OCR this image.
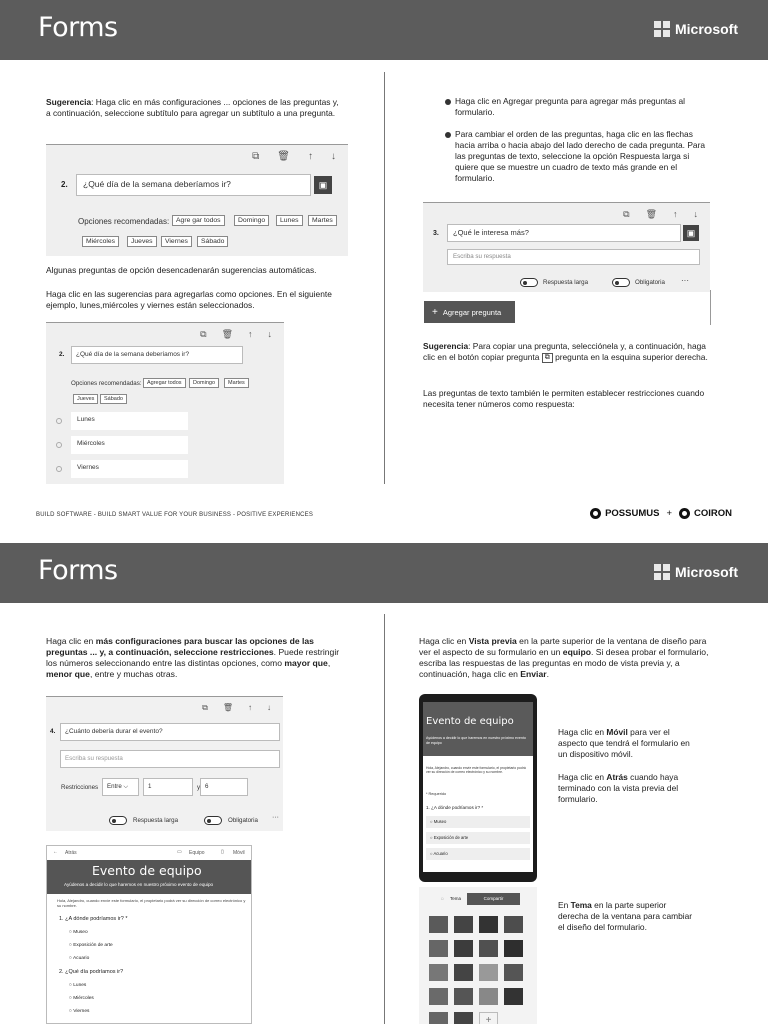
Forms	Microsoft
Sugerencia: Haga clic en más configuraciones ... opciones de las preguntas y, a continuación, seleccione subtítulo para agregar un subtítulo a una pregunta.
⧉ 🗑 ↑ ↓
2.	¿Qué día de la semana deberíamos ir?	▣
Opciones recomendadas:	Agre gar todos	Domingo	Lunes	Martes
Miércoles	Jueves	Viernes	Sábado
Algunas preguntas de opción desencadenarán sugerencias automáticas.
Haga clic en las sugerencias para agregarlas como opciones. En el siguiente ejemplo, lunes,miércoles y viernes están seleccionados.
⧉ 🗑 ↑ ↓
2.	¿Qué día de la semana deberíamos ir?
Opciones recomendadas: Agregar todos	Domingo	Martes
Jueves	Sábado
Lunes
Miércoles
Viernes
Haga clic en Agregar pregunta para agregar más preguntas al formulario.
Para cambiar el orden de las preguntas, haga clic en las flechas hacia arriba o hacia abajo del lado derecho de cada pregunta. Para las preguntas de texto, seleccione la opción Respuesta larga si quiere que se muestre un cuadro de texto más grande en el formulario.
⧉ 🗑 ↑ ↓
3.	¿Qué le interesa más?	▣
Escriba su respuesta
Respuesta larga	Obligatoria ···
+ Agregar pregunta
Sugerencia: Para copiar una pregunta, selecciónela y, a continuación, haga clic en el botón copiar pregunta ⧉ pregunta en la esquina superior derecha.
Las preguntas de texto también le permiten establecer restricciones cuando necesita tener números como respuesta:
BUILD SOFTWARE - BUILD SMART VALUE FOR YOUR BUSINESS - POSITIVE EXPERIENCES	POSSUMUS + COIRON
Forms	Microsoft
Haga clic en más configuraciones para buscar las opciones de las preguntas ... y, a continuación, seleccione restricciones. Puede restringir los números seleccionando entre las distintas opciones, como mayor que, menor que, entre y muchas otras.
⧉ 🗑 ↑ ↓
4.	¿Cuánto debería durar el evento?
Escriba su respuesta
Restricciones	Entre ⌵	1	y 6
Respuesta larga	Obligatoria ···
← Atrás	▭ Equipo	▯ Móvil
Evento de equipo
Ayúdenos a decidir lo que haremos en nuestro próximo evento de equipo
Hola, Alejandro, cuando envíe este formulario, el propietario podrá ver su dirección de correo electrónico y su nombre.
1. ¿A dónde podríamos ir? *
○ Museo
○ Exposición de arte
○ Acuario
2. ¿Qué día podríamos ir?
○ Lunes
○ Miércoles
○ Viernes
Haga clic en Vista previa en la parte superior de la ventana de diseño para ver el aspecto de su formulario en un equipo. Si desea probar el formulario, escriba las respuestas de las preguntas en modo de vista previa y, a continuación, haga clic en Enviar.
Evento de equipo
Ayúdenos a decidir lo que haremos en nuestro próximo evento de equipo
Hola, Alejandro, cuando envíe este formulario, el propietario podrá ver su dirección de correo electrónico y su nombre.
* Requerido
1. ¿A dónde podríamos ir? *
○ Museo
○ Exposición de arte
○ Acuario
Haga clic en Móvil para ver el aspecto que tendrá el formulario en un dispositivo móvil.
Haga clic en Atrás cuando haya terminado con la vista previa del formulario.
◌ Tema	Compartir
+
En Tema en la parte superior derecha de la ventana para cambiar el diseño del formulario.
